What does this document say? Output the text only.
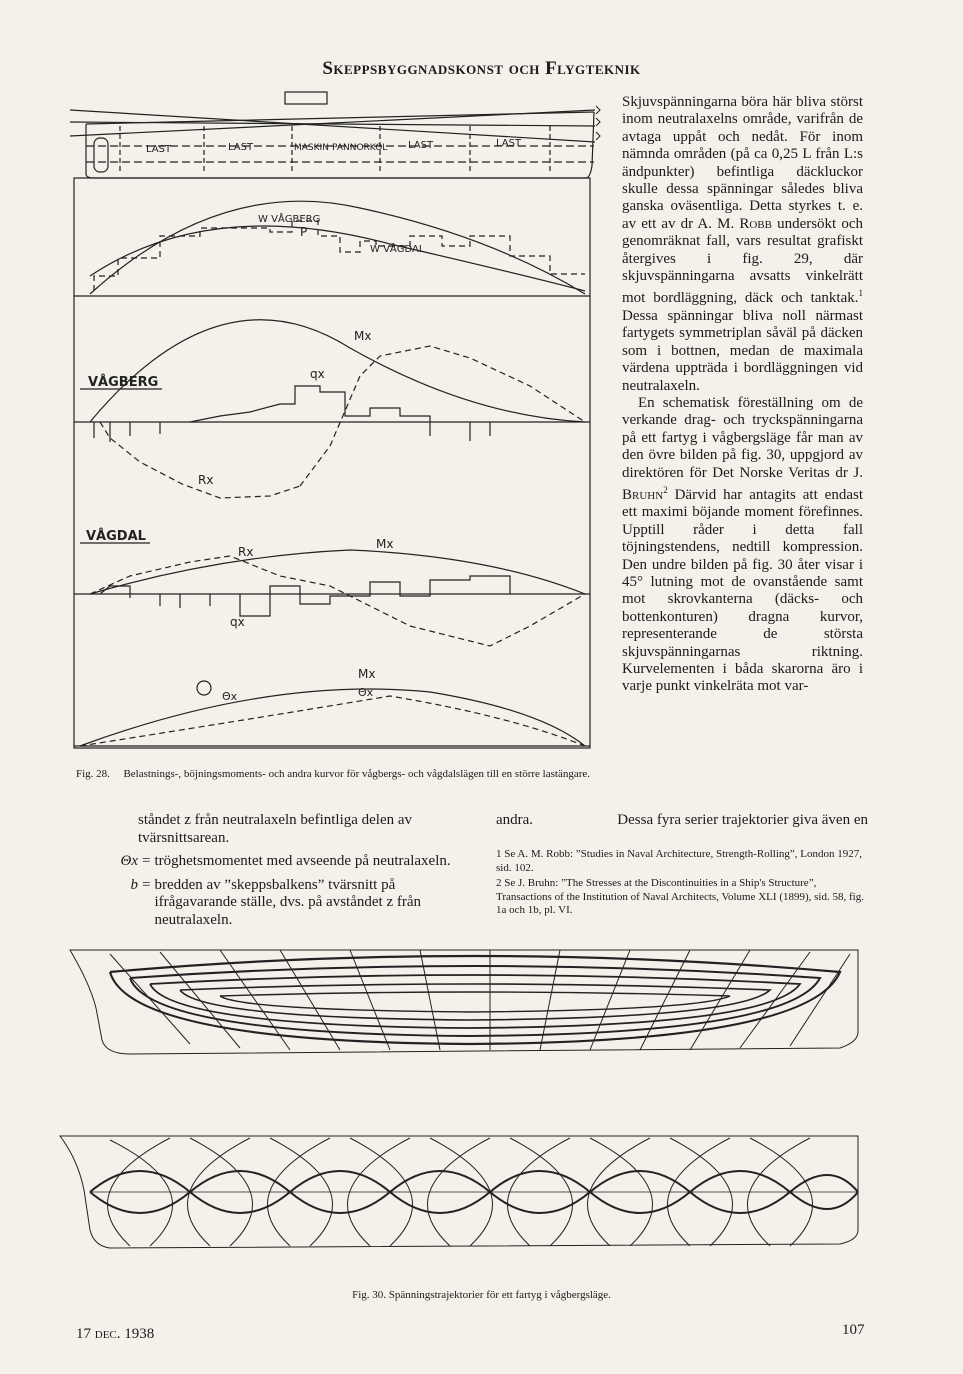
Skeppsbyggnadskonst och Flygteknik
LAST	LAST	MASKIN PANNORKOL LAST	LAST
W VÅGBERG
P
W VÅGDAL
VÅGBERG
Mx
qx
Rx
VÅGDAL
Rx
Mx
qx
Θx
Mx
Θx
Fig. 28. Belastnings-, böjningsmoments- och andra kurvor för vågbergs- och vågdalslägen till en större lastängare.

Skjuvspänningarna böra här bliva störst inom neutralaxelns område, varifrån de avtaga uppåt och nedåt. För inom nämnda områden (på ca 0,25 L från L:s ändpunkter) befintliga däckluckor skulle dessa spänningar således bliva ganska oväsentliga. Detta styrkes t. e. av ett av dr A. M. Robb undersökt och genomräknat fall, vars resultat grafiskt återgives i fig. 29, där skjuvspänningarna avsatts vinkelrätt mot bordläggning, däck och tanktak.$^1$ Dessa spänningar bliva noll närmast fartygets symmetriplan såväl på däcken som i bottnen, medan de maximala värdena uppträda i bordläggningen vid neutralaxeln.

En schematisk föreställning om de verkande drag- och tryckspänningarna på ett fartyg i vågbergsläge får man av den övre bilden på fig. 30, uppgjord av direktören för Det Norske Veritas dr J. Bruhn$^2$ Därvid har antagits att endast ett maximi böjande moment förefinnes. Upptill råder i detta fall töjningstendens, nedtill kompression. Den undre bilden på fig. 30 åter visar i 45° lutning mot de ovanstående samt mot skrovkanterna (däcks- och bottenkonturen) dragna kurvor, representerande de största skjuvspänningarnas riktning. Kurvelementen i båda skarorna äro i varje punkt vinkelräta mot var-

andra.	Dessa fyra serier trajektorier giva även en
ståndet z från neutralaxeln befintliga delen av tvärsnittsarean.
Θx = tröghetsmomentet med avseende på neutralaxeln.
b = bredden av ”skeppsbalkens” tvärsnitt på ifrågavarande ställe, dvs. på avståndet z från neutralaxeln.

1 Se A. M. Robb: ”Studies in Naval Architecture, Strength-Rolling”, London 1927, sid. 102.

2 Se J. Bruhn: ”The Stresses at the Discontinuities in a Ship's Structure”, Transactions of the Institution of Naval Architects, Volume XLI (1899), sid. 58, fig. 1a och 1b, pl. VI.

Fig. 30. Spänningstrajektorier för ett fartyg i vågbergsläge.
17 dec. 1938	107
